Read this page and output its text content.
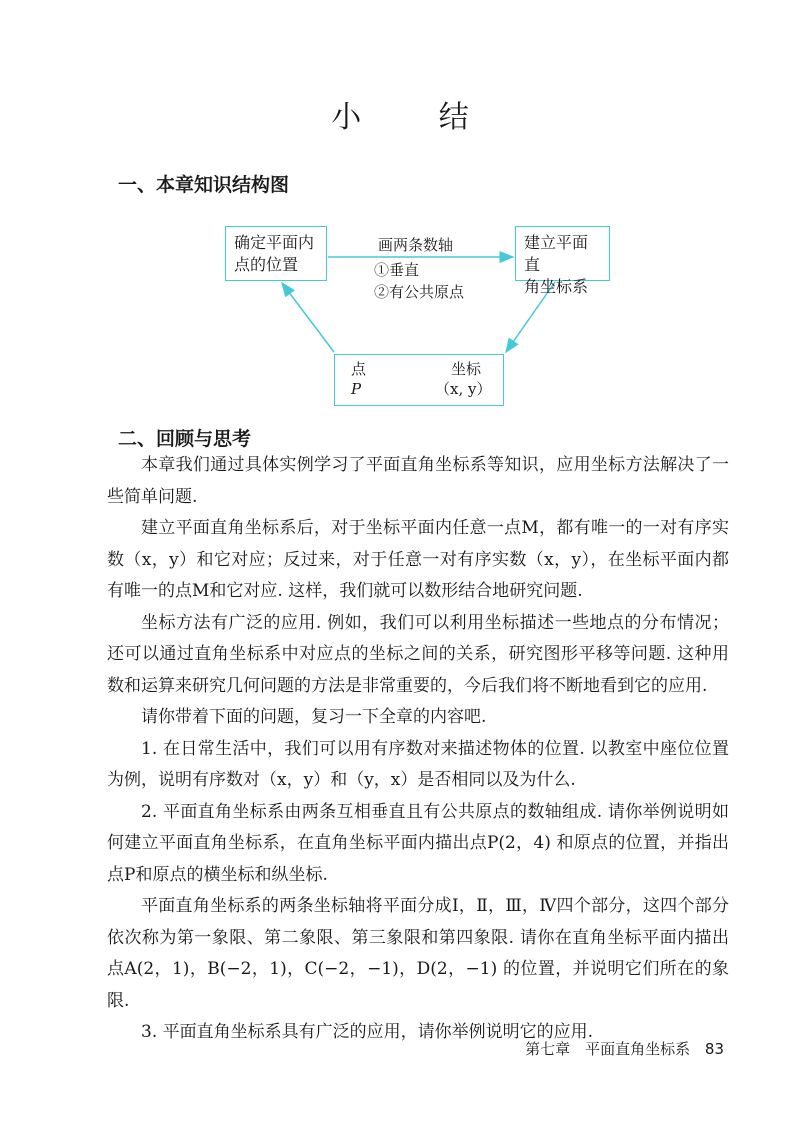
小 结
一、本章知识结构图
确定平面内
点的位置
建立平面直
角坐标系
点
P
坐标
（x, y）
画两条数轴
①垂直
②有公共原点
二、回顾与思考

本章我们通过具体实例学习了平面直角坐标系等知识，应用坐标方法解决了一些简单问题.

建立平面直角坐标系后，对于坐标平面内任意一点M，都有唯一的一对有序实数（x，y）和它对应；反过来，对于任意一对有序实数（x，y），在坐标平面内都有唯一的点M和它对应. 这样，我们就可以数形结合地研究问题.

坐标方法有广泛的应用. 例如，我们可以利用坐标描述一些地点的分布情况；还可以通过直角坐标系中对应点的坐标之间的关系，研究图形平移等问题. 这种用数和运算来研究几何问题的方法是非常重要的，今后我们将不断地看到它的应用.

请你带着下面的问题，复习一下全章的内容吧.

1. 在日常生活中，我们可以用有序数对来描述物体的位置. 以教室中座位位置为例，说明有序数对（x，y）和（y，x）是否相同以及为什么.

2. 平面直角坐标系由两条互相垂直且有公共原点的数轴组成. 请你举例说明如何建立平面直角坐标系，在直角坐标平面内描出点P(2，4) 和原点的位置，并指出点P和原点的横坐标和纵坐标.

平面直角坐标系的两条坐标轴将平面分成Ⅰ，Ⅱ，Ⅲ，Ⅳ四个部分，这四个部分依次称为第一象限、第二象限、第三象限和第四象限. 请你在直角坐标平面内描出点A(2，1)，B(−2，1)，C(−2，−1)，D(2，−1) 的位置，并说明它们所在的象限.

3. 平面直角坐标系具有广泛的应用，请你举例说明它的应用.

第七章　平面直角坐标系 83
